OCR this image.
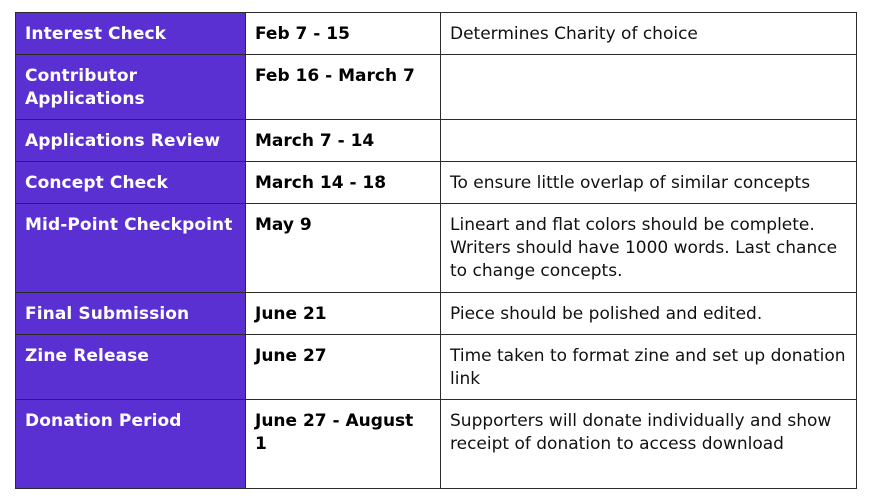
Interest Check	Feb 7 - 15	Determines Charity of choice
Contributor Applications	Feb 16 - March 7	
Applications Review	March 7 - 14	
Concept Check	March 14 - 18	To ensure little overlap of similar concepts
Mid-Point Checkpoint	May 9	Lineart and flat colors should be complete. Writers should have 1000 words. Last chance to change concepts.
Final Submission	June 21	Piece should be polished and edited.
Zine Release	June 27	Time taken to format zine and set up donation link
Donation Period	June 27 - August 1	Supporters will donate individually and show receipt of donation to access download
